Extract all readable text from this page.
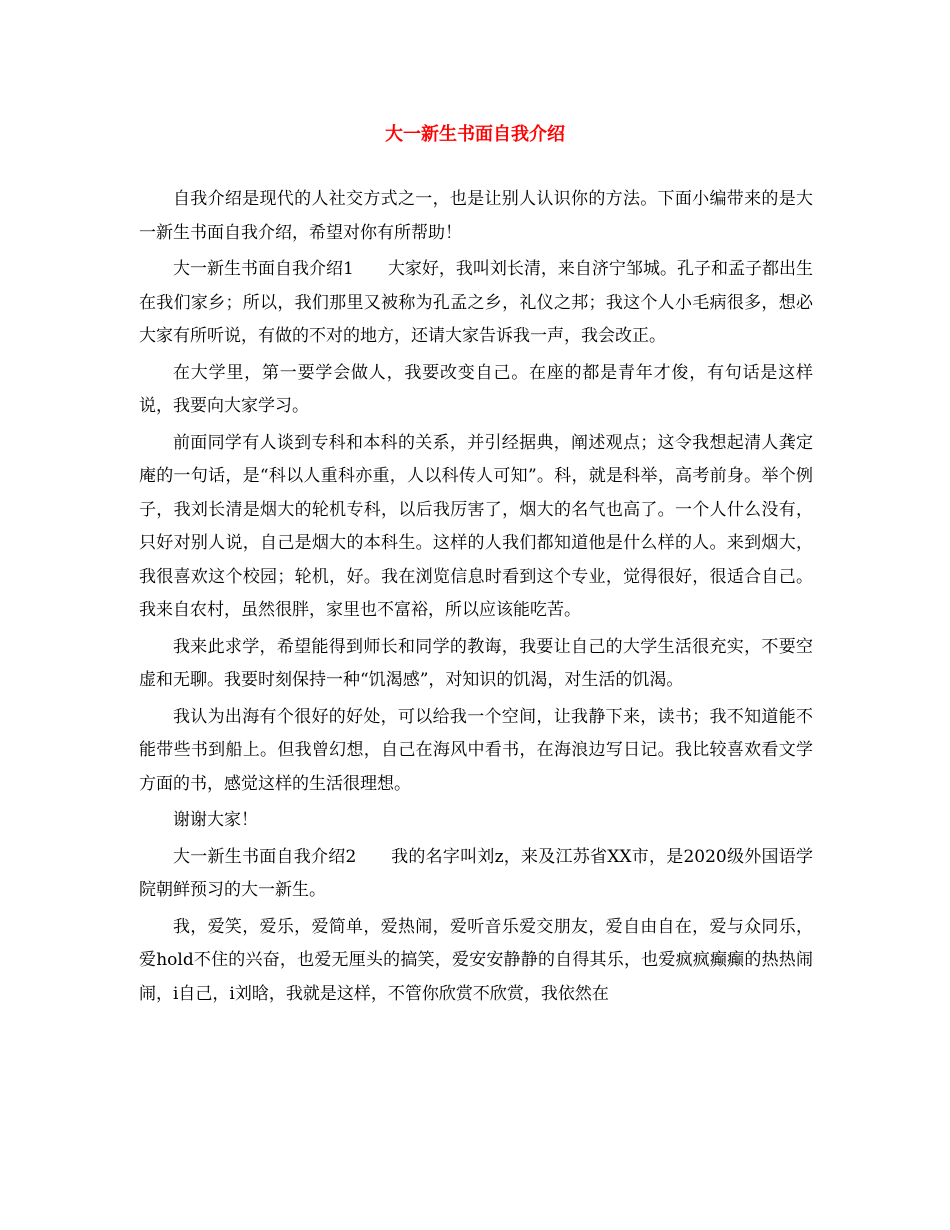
大一新生书面自我介绍

自我介绍是现代的人社交方式之一，也是让别人认识你的方法。下面小编带来的是大一新生书面自我介绍，希望对你有所帮助！

大一新生书面自我介绍1　　大家好，我叫刘长清，来自济宁邹城。孔子和孟子都出生在我们家乡；所以，我们那里又被称为孔孟之乡，礼仪之邦；我这个人小毛病很多，想必大家有所听说，有做的不对的地方，还请大家告诉我一声，我会改正。

在大学里，第一要学会做人，我要改变自己。在座的都是青年才俊，有句话是这样说，我要向大家学习。

前面同学有人谈到专科和本科的关系，并引经据典，阐述观点；这令我想起清人龚定庵的一句话，是“科以人重科亦重，人以科传人可知”。科，就是科举，高考前身。举个例子，我刘长清是烟大的轮机专科，以后我厉害了，烟大的名气也高了。一个人什么没有，只好对别人说，自己是烟大的本科生。这样的人我们都知道他是什么样的人。来到烟大，我很喜欢这个校园；轮机，好。我在浏览信息时看到这个专业，觉得很好，很适合自己。我来自农村，虽然很胖，家里也不富裕，所以应该能吃苦。

我来此求学，希望能得到师长和同学的教诲，我要让自己的大学生活很充实，不要空虚和无聊。我要时刻保持一种“饥渴感”，对知识的饥渴，对生活的饥渴。

我认为出海有个很好的好处，可以给我一个空间，让我静下来，读书；我不知道能不能带些书到船上。但我曾幻想，自己在海风中看书，在海浪边写日记。我比较喜欢看文学方面的书，感觉这样的生活很理想。

谢谢大家！

大一新生书面自我介绍2　　我的名字叫刘z，来及江苏省XX市，是2020级外国语学院朝鲜预习的大一新生。

我，爱笑，爱乐，爱简单，爱热闹，爱听音乐爱交朋友，爱自由自在，爱与众同乐，爱hold不住的兴奋，也爱无厘头的搞笑，爱安安静静的自得其乐，也爱疯疯癫癫的热热闹闹，i自己，i刘晗，我就是这样，不管你欣赏不欣赏，我依然在
